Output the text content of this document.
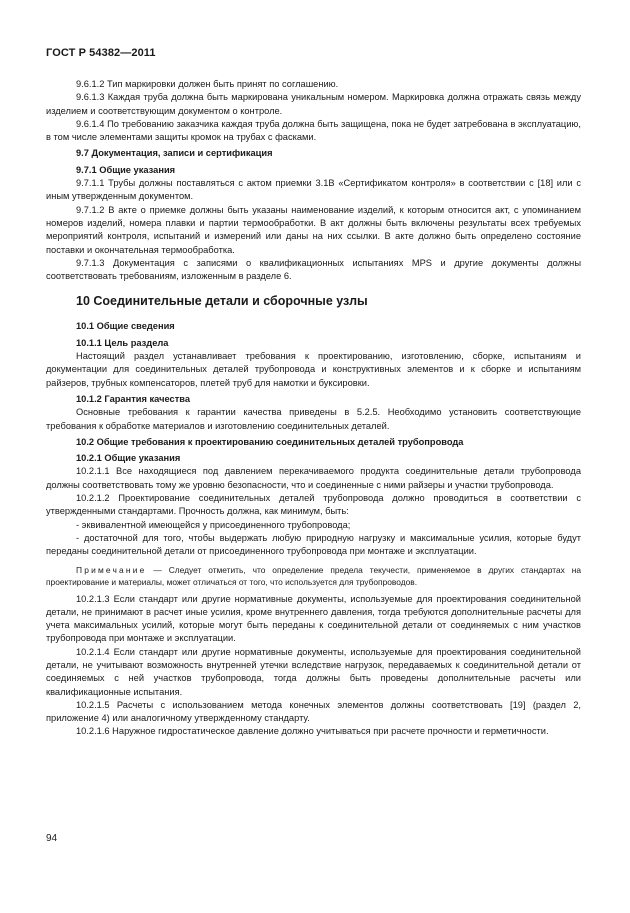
ГОСТ Р 54382—2011

9.6.1.2 Тип маркировки должен быть принят по соглашению.

9.6.1.3 Каждая труба должна быть маркирована уникальным номером. Маркировка должна отражать связь между изделием и соответствующим документом о контроле.

9.6.1.4 По требованию заказчика каждая труба должна быть защищена, пока не будет затребована в эксплуатацию, в том числе элементами защиты кромок на трубах с фасками.

9.7 Документация, записи и сертификация

9.7.1 Общие указания

9.7.1.1 Трубы должны поставляться с актом приемки 3.1В «Сертификатом контроля» в соответствии с [18] или с иным утвержденным документом.

9.7.1.2 В акте о приемке должны быть указаны наименование изделий, к которым относится акт, с упоминанием номеров изделий, номера плавки и партии термообработки. В акт должны быть включены результаты всех требуемых мероприятий контроля, испытаний и измерений или даны на них ссылки. В акте должно быть определено состояние поставки и окончательная термообработка.

9.7.1.3 Документация с записями о квалификационных испытаниях MPS и другие документы должны соответствовать требованиям, изложенным в разделе 6.

10 Соединительные детали и сборочные узлы

10.1 Общие сведения

10.1.1 Цель раздела

Настоящий раздел устанавливает требования к проектированию, изготовлению, сборке, испытаниям и документации для соединительных деталей трубопровода и конструктивных элементов и к сборке и испытаниям райзеров, трубных компенсаторов, плетей труб для намотки и буксировки.

10.1.2 Гарантия качества

Основные требования к гарантии качества приведены в 5.2.5. Необходимо установить соответствующие требования к обработке материалов и изготовлению соединительных деталей.

10.2 Общие требования к проектированию соединительных деталей трубопровода

10.2.1 Общие указания

10.2.1.1 Все находящиеся под давлением перекачиваемого продукта соединительные детали трубопровода должны соответствовать тому же уровню безопасности, что и соединенные с ними райзеры и участки трубопровода.

10.2.1.2 Проектирование соединительных деталей трубопровода должно проводиться в соответствии с утвержденными стандартами. Прочность должна, как минимум, быть:

- эквивалентной имеющейся у присоединенного трубопровода;

- достаточной для того, чтобы выдержать любую природную нагрузку и максимальные усилия, которые будут переданы соединительной детали от присоединенного трубопровода при монтаже и эксплуатации.

Примечание — Следует отметить, что определение предела текучести, применяемое в других стандартах на проектирование и материалы, может отличаться от того, что используется для трубопроводов.

10.2.1.3 Если стандарт или другие нормативные документы, используемые для проектирования соединительной детали, не принимают в расчет иные усилия, кроме внутреннего давления, тогда требуются дополнительные расчеты для учета максимальных усилий, которые могут быть переданы к соединительной детали от соединяемых с ним участков трубопровода при монтаже и эксплуатации.

10.2.1.4 Если стандарт или другие нормативные документы, используемые для проектирования соединительной детали, не учитывают возможность внутренней утечки вследствие нагрузок, передаваемых к соединительной детали от соединяемых с ней участков трубопровода, тогда должны быть проведены дополнительные расчеты или квалификационные испытания.

10.2.1.5 Расчеты с использованием метода конечных элементов должны соответствовать [19] (раздел 2, приложение 4) или аналогичному утвержденному стандарту.

10.2.1.6 Наружное гидростатическое давление должно учитываться при расчете прочности и герметичности.

94
